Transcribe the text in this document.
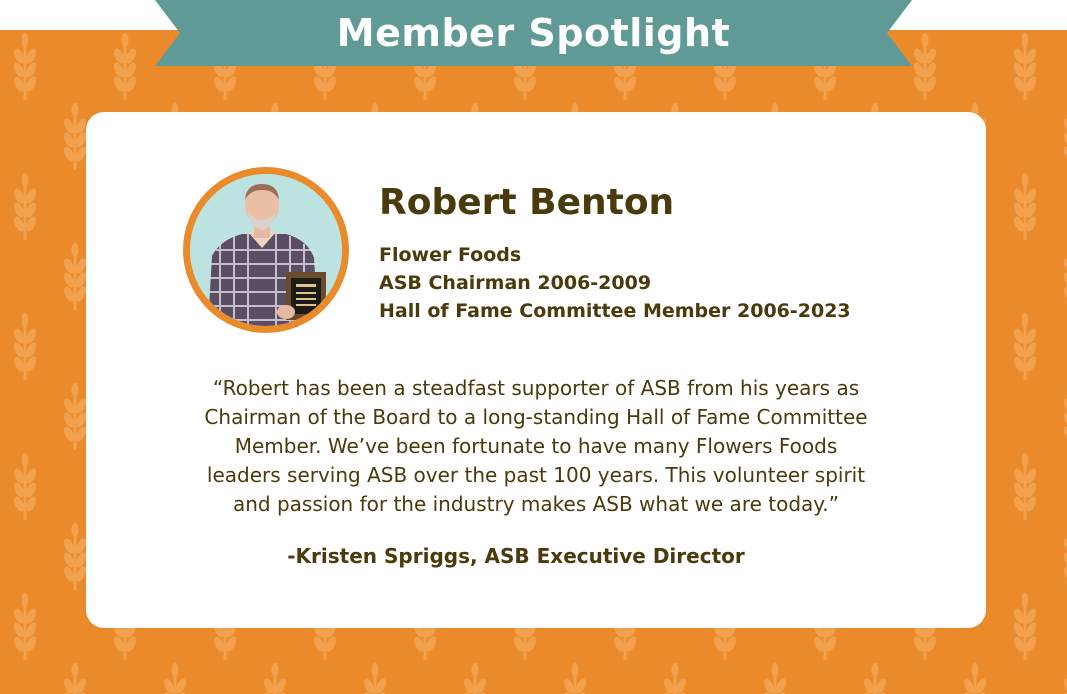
Member Spotlight
Robert Benton
Flower Foods
ASB Chairman 2006-2009
Hall of Fame Committee Member 2006-2023
“Robert has been a steadfast supporter of ASB from his years as
Chairman of the Board to a long-standing Hall of Fame Committee
Member. We’ve been fortunate to have many Flowers Foods
leaders serving ASB over the past 100 years. This volunteer spirit
and passion for the industry makes ASB what we are today.”

-Kristen Spriggs, ASB Executive Director
